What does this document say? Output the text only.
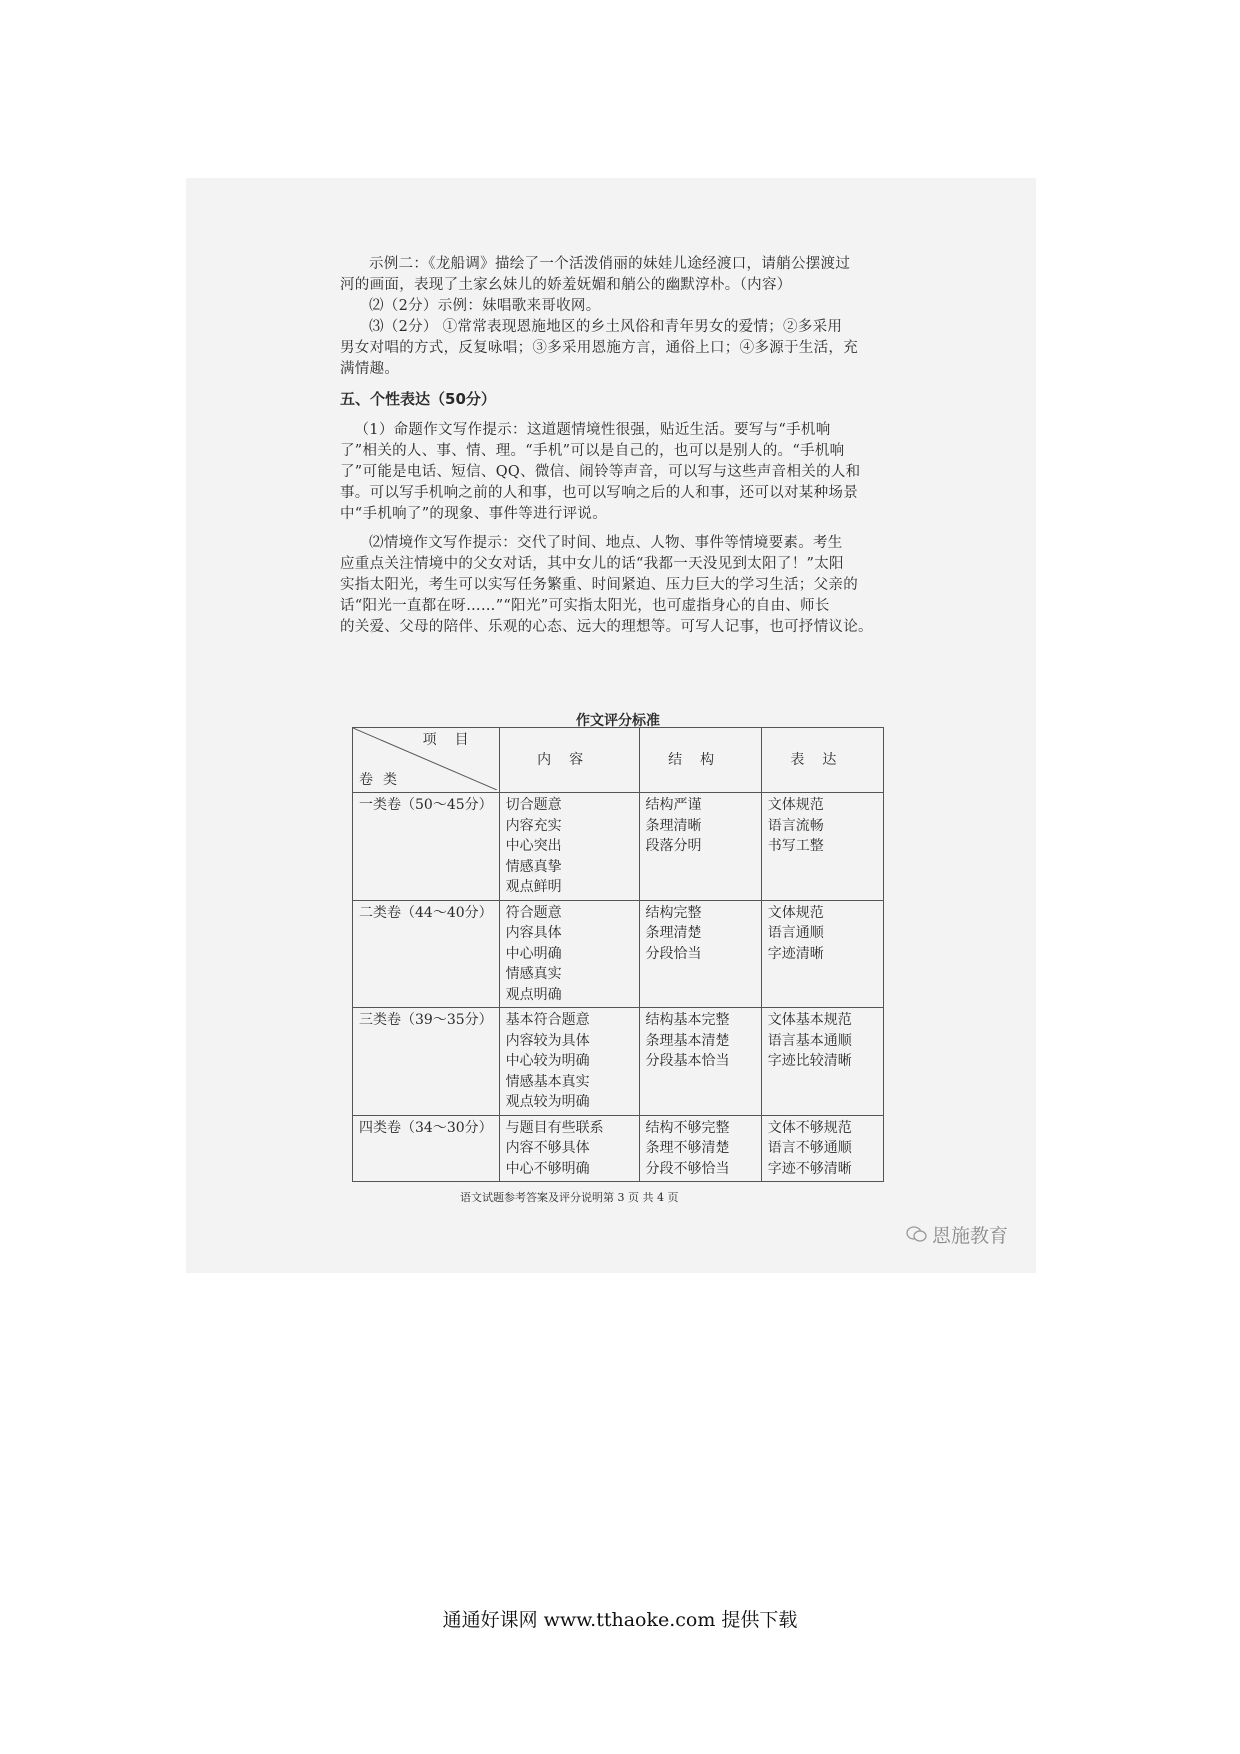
示例二：《龙船调》描绘了一个活泼俏丽的妹娃儿途经渡口，请艄公摆渡过
河的画面，表现了土家幺妹儿的娇羞妩媚和艄公的幽默淳朴。（内容）

⑵（2分）示例：妹唱歌来哥收网。

⑶（2分） ①常常表现恩施地区的乡土风俗和青年男女的爱情；②多采用
男女对唱的方式，反复咏唱；③多采用恩施方言，通俗上口；④多源于生活，充
满情趣。

五、个性表达（50分）

（1）命题作文写作提示：这道题情境性很强，贴近生活。要写与“手机响
了”相关的人、事、情、理。“手机”可以是自己的，也可以是别人的。“手机响
了”可能是电话、短信、QQ、微信、闹铃等声音，可以写与这些声音相关的人和
事。可以写手机响之前的人和事，也可以写响之后的人和事，还可以对某种场景
中“手机响了”的现象、事件等进行评说。

⑵情境作文写作提示：交代了时间、地点、人物、事件等情境要素。考生
应重点关注情境中的父女对话，其中女儿的话“我都一天没见到太阳了！”太阳
实指太阳光，考生可以实写任务繁重、时间紧迫、压力巨大的学习生活；父亲的
话“阳光一直都在呀……”“阳光”可实指太阳光，也可虚指身心的自由、师长
的关爱、父母的陪伴、乐观的心态、远大的理想等。可写人记事，也可抒情议论。

作文评分标准
项目
卷类	内容	结构	表达
一类卷（50～45分）	切合题意
内容充实
中心突出
情感真挚
观点鲜明	结构严谨
条理清晰
段落分明	文体规范
语言流畅
书写工整

二类卷（44～40分）	符合题意
内容具体
中心明确
情感真实
观点明确	结构完整
条理清楚
分段恰当	文体规范
语言通顺
字迹清晰

三类卷（39～35分）	基本符合题意
内容较为具体
中心较为明确
情感基本真实
观点较为明确	结构基本完整
条理基本清楚
分段基本恰当	文体基本规范
语言基本通顺
字迹比较清晰

四类卷（34～30分）	与题目有些联系
内容不够具体
中心不够明确	结构不够完整
条理不够清楚
分段不够恰当	文体不够规范
语言不够通顺
字迹不够清晰
语文试题参考答案及评分说明第 3 页 共 4 页
恩施教育
通通好课网 www.tthaoke.com 提供下载
